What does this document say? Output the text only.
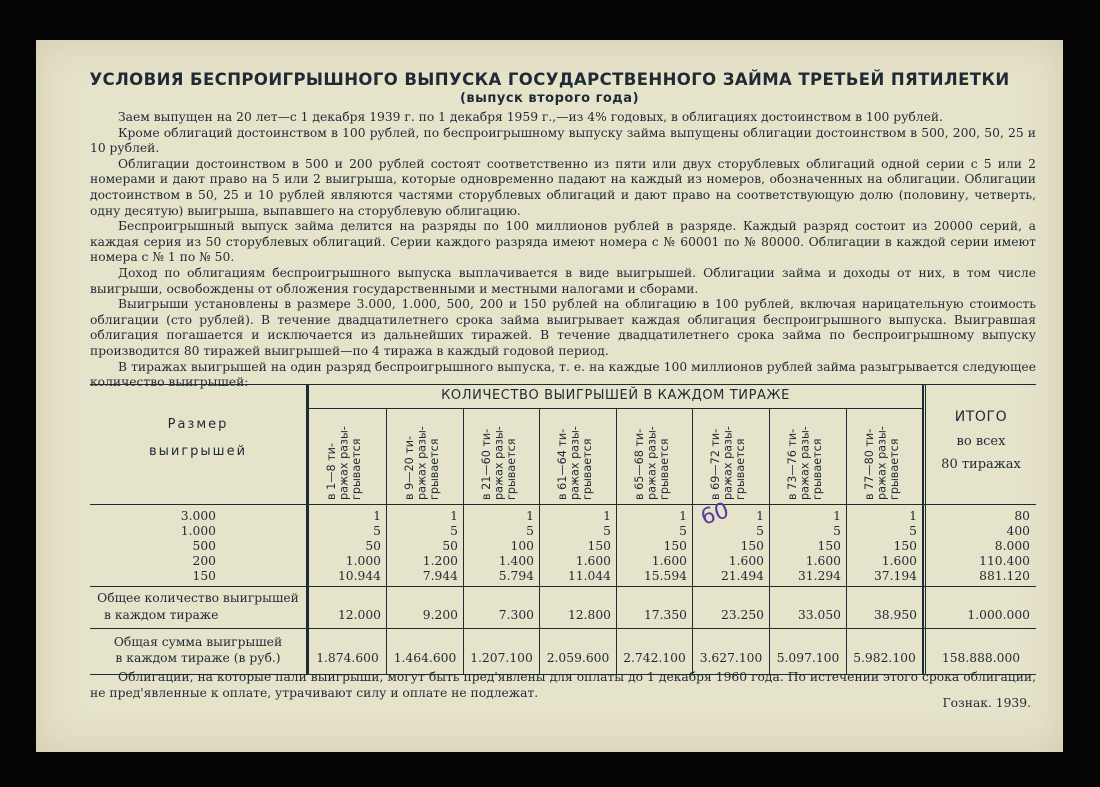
УСЛОВИЯ БЕСПРОИГРЫШНОГО ВЫПУСКА ГОСУДАРСТВЕННОГО ЗАЙМА ТРЕТЬЕЙ ПЯТИЛЕТКИ
(выпуск второго года)

Заем выпущен на 20 лет—с 1 декабря 1939 г. по 1 декабря 1959 г.,—из 4% годовых, в облигациях достоинством в 100 рублей.

Кроме облигаций достоинством в 100 рублей, по беспроигрышному выпуску займа выпущены облигации достоинством в 500, 200, 50, 25 и 10 рублей.

Облигации достоинством в 500 и 200 рублей состоят соответственно из пяти или двух сторублевых облигаций одной серии с 5 или 2 номерами и дают право на 5 или 2 выигрыша, которые одновременно падают на каждый из номеров, обозначенных на облигации. Облигации достоинством в 50, 25 и 10 рублей являются частями сторублевых облигаций и дают право на соответствующую долю (половину, четверть, одну десятую) выигрыша, выпавшего на сторублевую облигацию.

Беспроигрышный выпуск займа делится на разряды по 100 миллионов рублей в разряде. Каждый разряд состоит из 20000 серий, а каждая серия из 50 сторублевых облигаций. Серии каждого разряда имеют номера с № 60001 по № 80000. Облигации в каждой серии имеют номера с № 1 по № 50.

Доход по облигациям беспроигрышного выпуска выплачивается в виде выигрышей. Облигации займа и доходы от них, в том числе выигрыши, освобождены от обложения государственными и местными налогами и сборами.

Выигрыши установлены в размере 3.000, 1.000, 500, 200 и 150 рублей на облигацию в 100 рублей, включая нарицательную стоимость облигации (сто рублей). В течение двадцатилетнего срока займа выигрывает каждая облигация беспроигрышного выпуска. Выигравшая облигация погашается и исключается из дальнейших тиражей. В течение двадцатилетнего срока займа по беспроигрышному выпуску производится 80 тиражей выигрышей—по 4 тиража в каждый годовой период.

В тиражах выигрышей на один разряд беспроигрышного выпуска, т. е. на каждые 100 миллионов рублей займа разыгрывается следующее количество выигрышей:

Размер
выигрышей
КОЛИЧЕСТВО ВЫИГРЫШЕЙ В КАЖДОМ ТИРАЖЕ
ИТОГО
во всех
80 тиражах
в 1—8 ти-
ражах разы-
грывается	в 9—20 ти-
ражах разы-
грывается	в 21—60 ти-
ражах разы-
грывается	в 61—64 ти-
ражах разы-
грывается	в 65—68 ти-
ражах разы-
грывается	в 69—72 ти-
ражах разы-
грывается	в 73—76 ти-
ражах разы-
грывается	в 77—80 ти-
ражах разы-
грывается
3.000	1	1	1	1	1	1	1	1	80
1.000	5	5	5	5	5	5	5	5	400
500	50	50	100	150	150	150	150	150	8.000
200	1.000	1.200	1.400	1.600	1.600	1.600	1.600	1.600	110.400
150	10.944	7.944	5.794	11.044	15.594	21.494	31.294	37.194	881.120
Общее количество выигрышей
в каждом тираже	12.000	9.200	7.300	12.800	17.350	23.250	33.050	38.950	1.000.000
Общая сумма выигрышей
в каждом тираже (в руб.)	1.874.600	1.464.600	1.207.100	2.059.600	2.742.100	3.627.100	5.097.100	5.982.100	158.888.000
60

Облигации, на которые пали выигрыши, могут быть пред'явлены для оплаты до 1 декабря 1960 года. По истечении этого срока облигации, не пред'явленные к оплате, утрачивают силу и оплате не подлежат.

Гознак. 1939.
